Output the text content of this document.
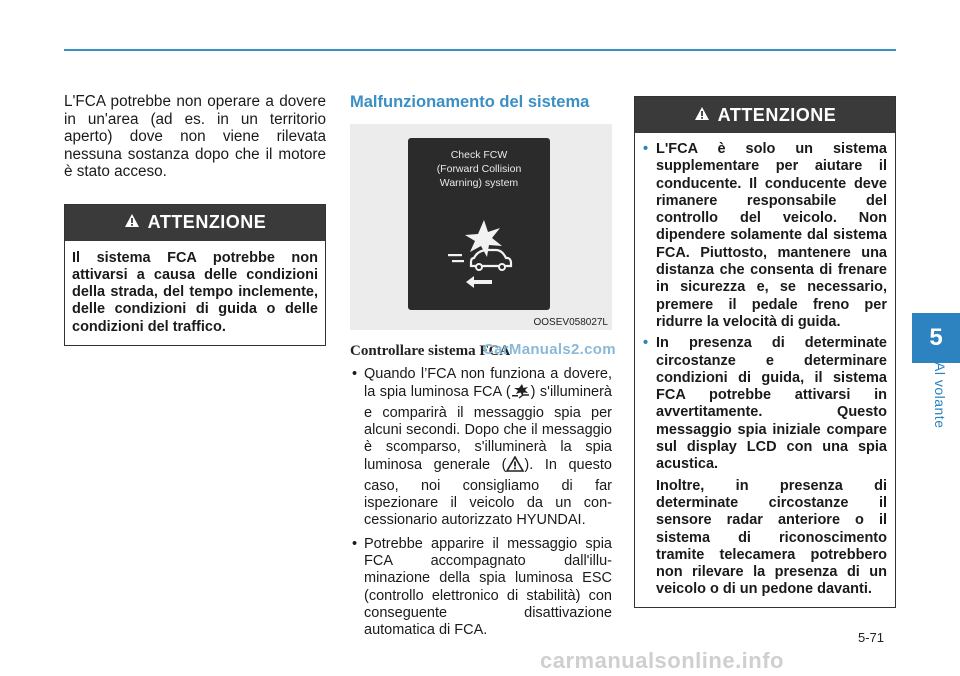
5
Al volante

L'FCA potrebbe non operare a dovere in un'area (ad es. in un territorio aperto) dove non viene rilevata nessuna sostanza dopo che il motore è stato acceso.

ATTENZIONE
Il sistema FCA potrebbe non attivarsi a causa delle condizioni della strada, del tempo inclemente, delle condizioni di guida o delle condizioni del traffico.
Malfunzionamento del sistema
Check FCW
(Forward Collision
Warning) system
OOSEV058027L
Controllare sistema FCA
• Quando l’FCA non funziona a dovere, la spia luminosa FCA ( ) s'illuminerà e comparirà il messaggio spia per alcuni secondi. Dopo che il messaggio è scomparso, s'illuminerà la spia luminosa generale ( ). In questo caso, noi consigliamo di far ispezionare il veicolo da un con- cessionario autorizzato HYUNDAI.
• Potrebbe apparire il messaggio spia FCA accompagnato dall'illu- minazione della spia luminosa ESC (controllo elettronico di stabilità) con conseguente disattivazione automatica di FCA.
CarManuals2.com
ATTENZIONE
• L'FCA è solo un sistema supplementare per aiutare il conducente. Il conducente deve rimanere responsabile del controllo del veicolo. Non dipendere solamente dal sistema FCA. Piuttosto, mantenere una distanza che consenta di frenare in sicurezza e, se necessario, premere il pedale freno per ridurre la velocità di guida.
• In presenza di determinate circostanze e determinare condizioni di guida, il sistema FCA potrebbe attivarsi in avvertitamente. Questo messaggio spia iniziale compare sul display LCD con una spia acustica.
Inoltre, in presenza di determinate circostanze il sensore radar anteriore o il sistema di riconoscimento tramite telecamera potrebbero non rilevare la presenza di un veicolo o di un pedone davanti.
5-71
carmanualsonline.info
